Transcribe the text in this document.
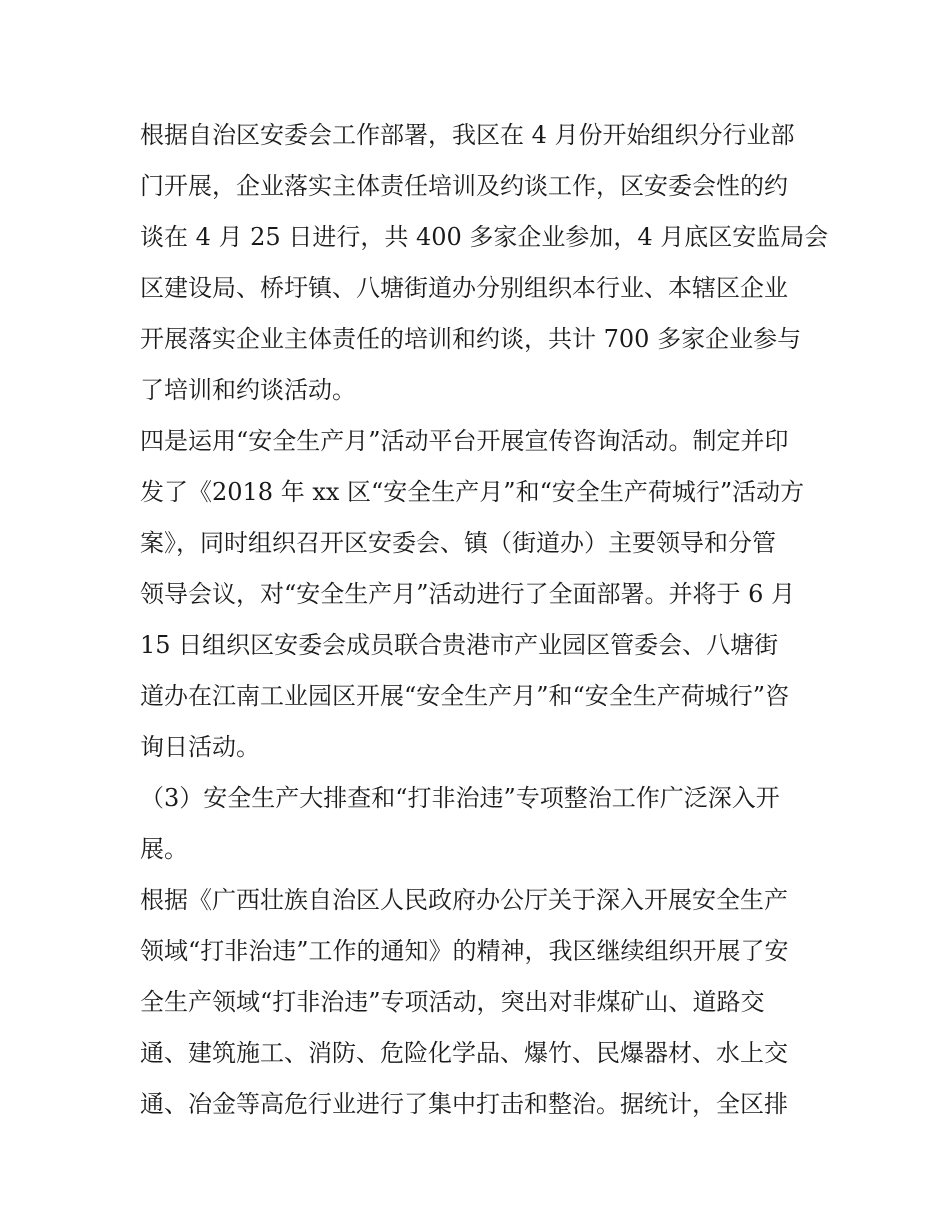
根据自治区安委会工作部署，我区在 4 月份开始组织分行业部
门开展，企业落实主体责任培训及约谈工作，区安委会性的约
谈在 4 月 25 日进行，共 400 多家企业参加，4 月底区安监局会
区建设局、桥圩镇、八塘街道办分别组织本行业、本辖区企业
开展落实企业主体责任的培训和约谈，共计 700 多家企业参与
了培训和约谈活动。
四是运用“安全生产月”活动平台开展宣传咨询活动。制定并印
发了《2018 年 xx 区“安全生产月”和“安全生产荷城行”活动方
案》，同时组织召开区安委会、镇（街道办）主要领导和分管
领导会议，对“安全生产月”活动进行了全面部署。并将于 6 月
15 日组织区安委会成员联合贵港市产业园区管委会、八塘街
道办在江南工业园区开展“安全生产月”和“安全生产荷城行”咨
询日活动。
（3）安全生产大排查和“打非治违”专项整治工作广泛深入开
展。
根据《广西壮族自治区人民政府办公厅关于深入开展安全生产
领域“打非治违”工作的通知》的精神，我区继续组织开展了安
全生产领域“打非治违”专项活动，突出对非煤矿山、道路交
通、建筑施工、消防、危险化学品、爆竹、民爆器材、水上交
通、冶金等高危行业进行了集中打击和整治。据统计，全区排
